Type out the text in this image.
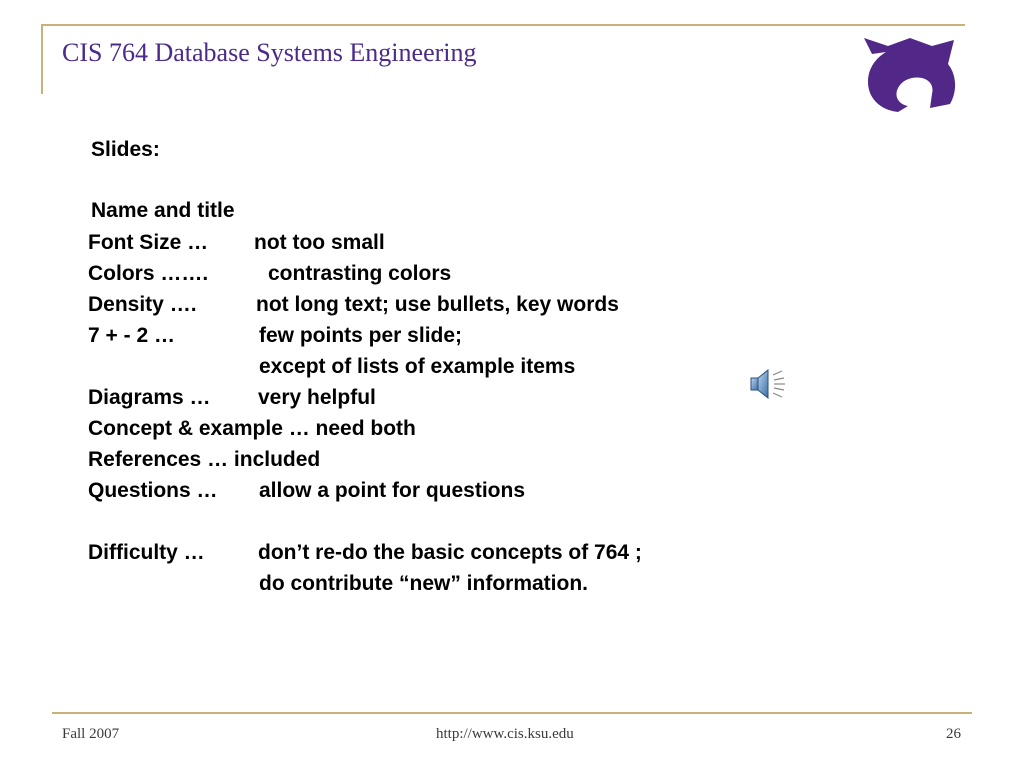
CIS 764 Database Systems Engineering
Slides:
Name and title
Font Size … not too small
Colors …….	contrasting colors
Density ….	not long text; use bullets, key words
7 + - 2 …	few points per slide;
except of lists of example items
Diagrams … very helpful
Concept & example … need both
References … included
Questions … allow a point for questions
Difficulty …	don’t re-do the basic concepts of 764 ;
do contribute “new” information.
Fall 2007	http://www.cis.ksu.edu	26
